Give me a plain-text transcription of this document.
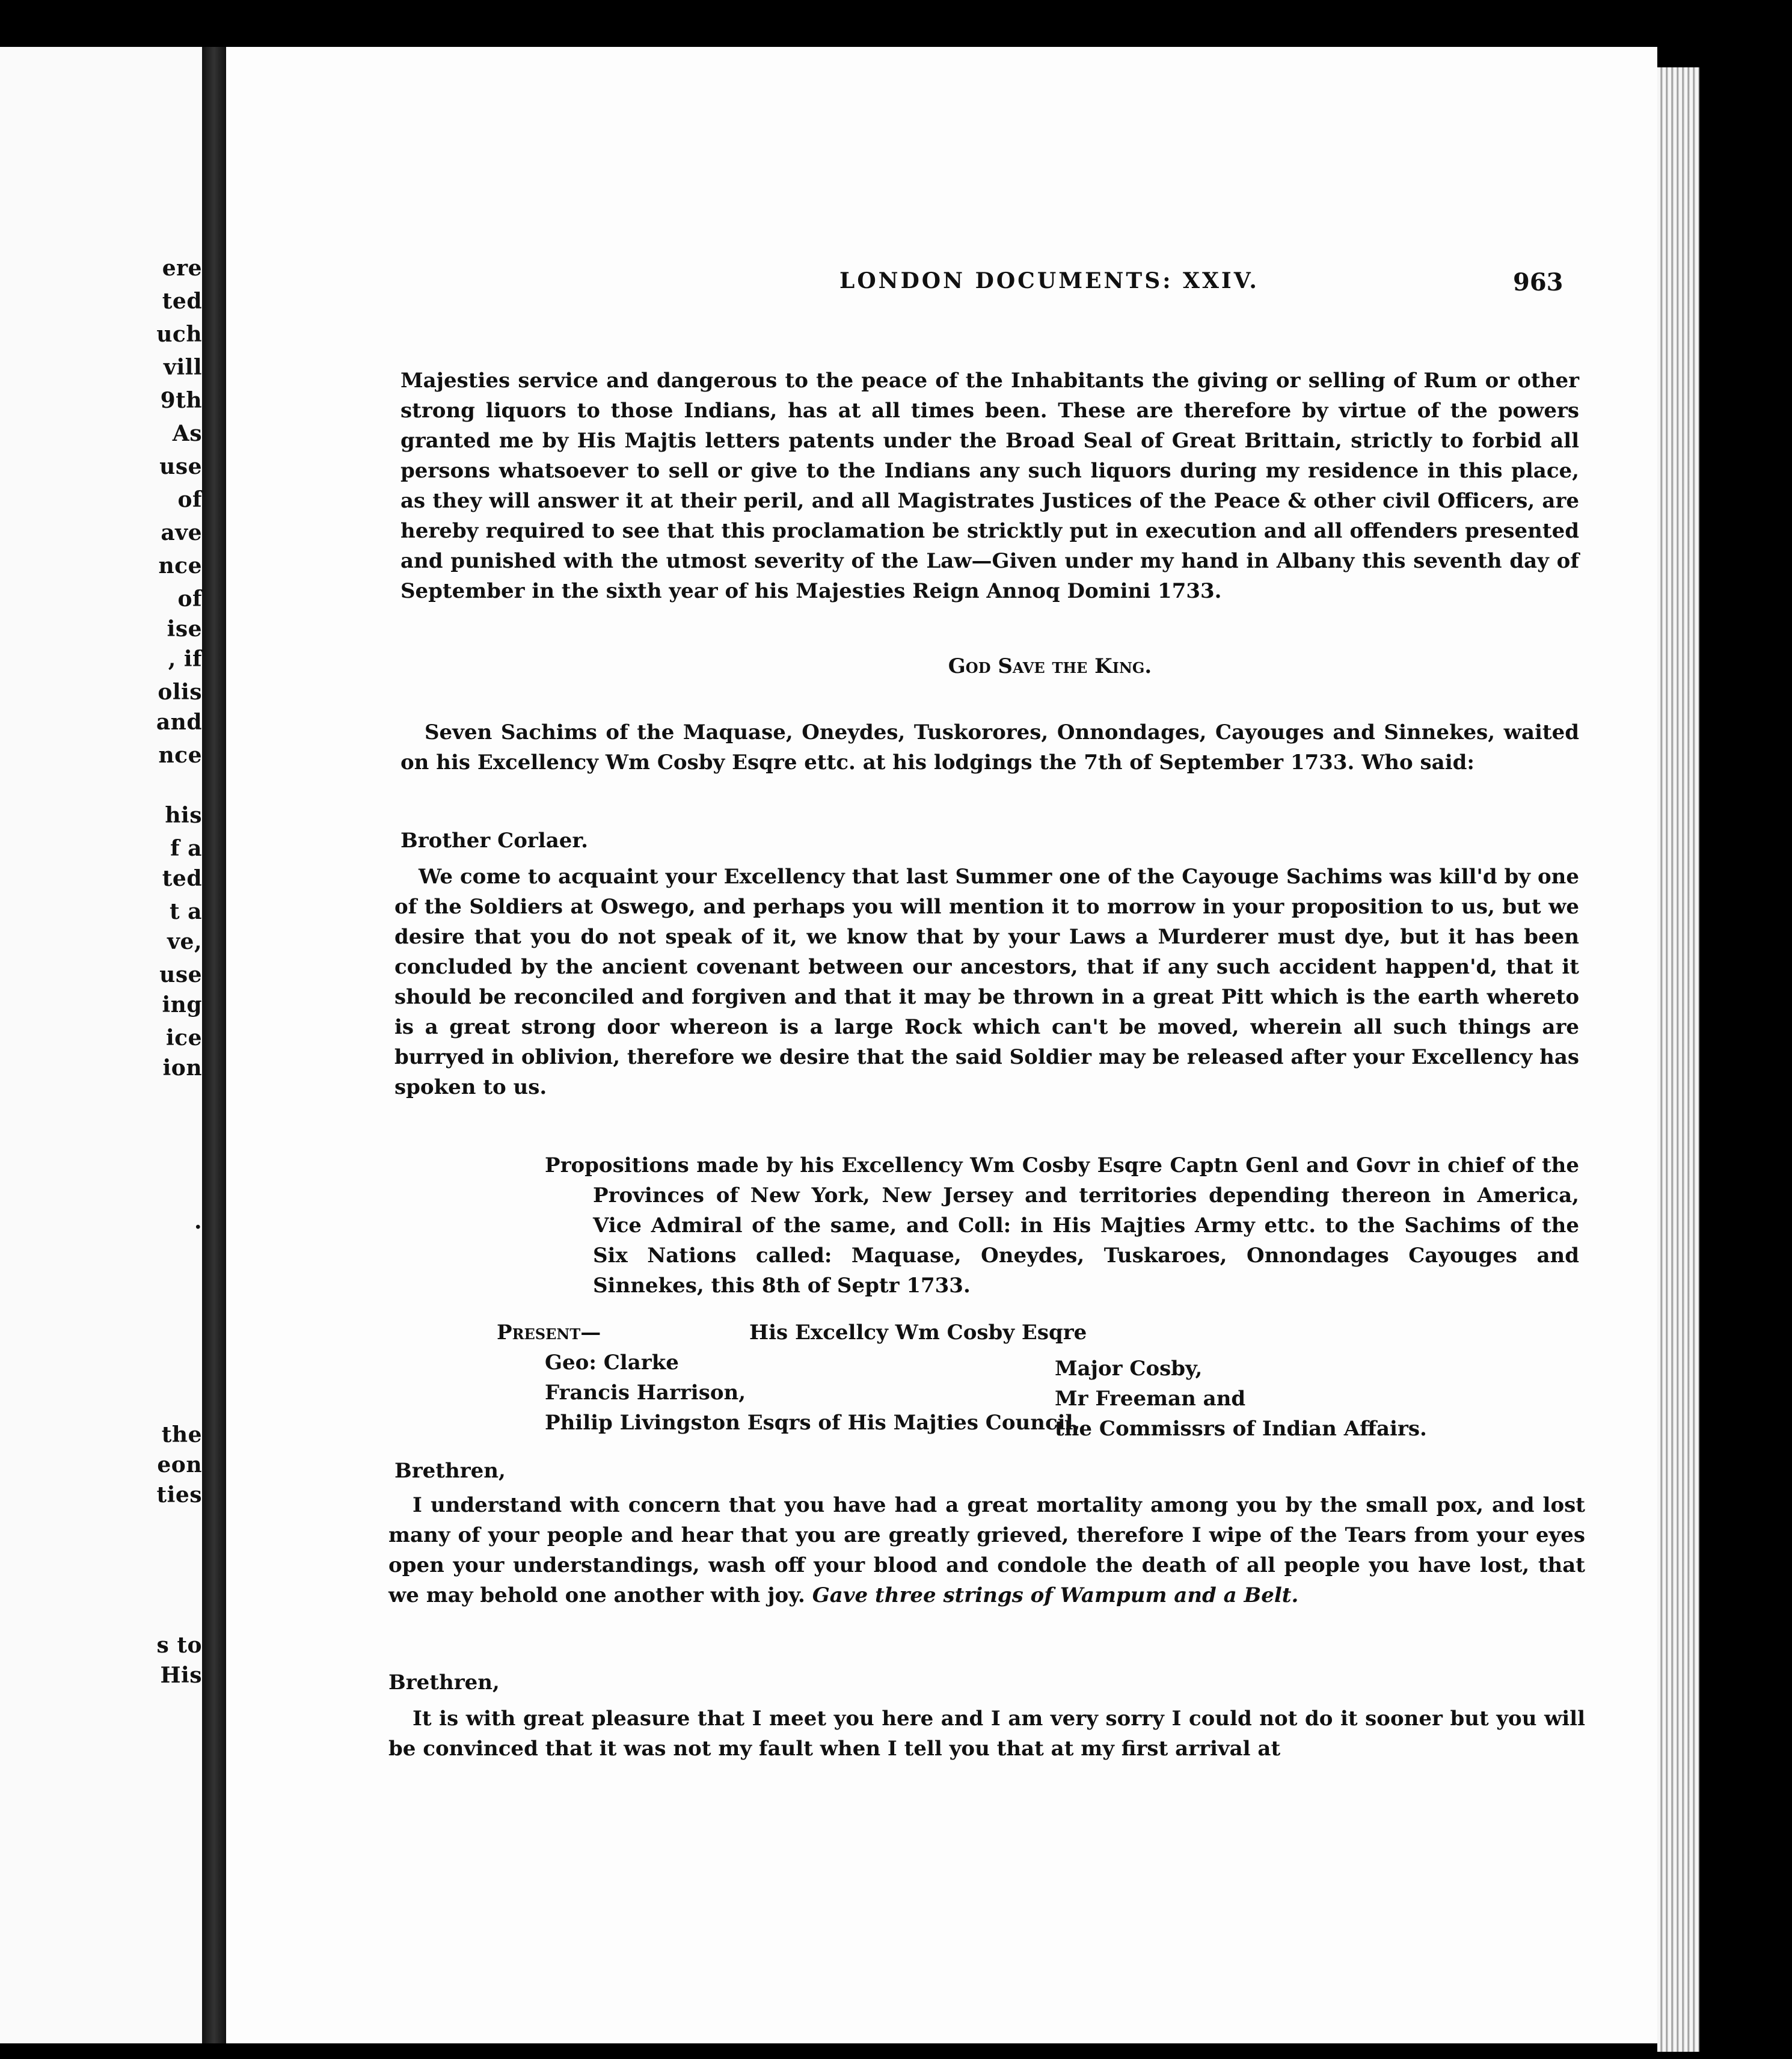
ere
ted
uch
vill
9th
As
use
of
ave
nce
of
ise
, if
olis
and
nce
his
f a
ted
t a
ve,
use
ing
ice
ion
.
the
eon
ties
s to
His
LONDON DOCUMENTS: XXIV.	963

Majesties service and dangerous to the peace of the Inhabitants the giving or selling of Rum or other strong liquors to those Indians, has at all times been. These are therefore by virtue of the powers granted me by His Majtis letters patents under the Broad Seal of Great Brittain, strictly to forbid all persons whatsoever to sell or give to the Indians any such liquors during my residence in this place, as they will answer it at their peril, and all Magistrates Justices of the Peace & other civil Officers, are hereby required to see that this proclamation be stricktly put in execution and all offenders presented and punished with the utmost severity of the Law—Given under my hand in Albany this seventh day of September in the sixth year of his Majesties Reign Annoq Domini 1733.

God Save the King.

Seven Sachims of the Maquase, Oneydes, Tuskorores, Onnondages, Cayouges and Sinnekes, waited on his Excellency Wm Cosby Esqre ettc. at his lodgings the 7th of September 1733. Who said:

Brother Corlaer.

We come to acquaint your Excellency that last Summer one of the Cayouge Sachims was kill'd by one of the Soldiers at Oswego, and perhaps you will mention it to morrow in your proposition to us, but we desire that you do not speak of it, we know that by your Laws a Murderer must dye, but it has been concluded by the ancient covenant between our ancestors, that if any such accident happen'd, that it should be reconciled and forgiven and that it may be thrown in a great Pitt which is the earth whereto is a great strong door whereon is a large Rock which can't be moved, wherein all such things are burryed in oblivion, therefore we desire that the said Soldier may be released after your Excellency has spoken to us.

Propositions made by his Excellency Wm Cosby Esqre Captn Genl and Govr in chief of the Provinces of New York, New Jersey and territories depending thereon in America, Vice Admiral of the same, and Coll: in His Majties Army ettc. to the Sachims of the Six Nations called: Maquase, Oneydes, Tuskaroes, Onnondages Cayouges and Sinnekes, this 8th of Septr 1733.

Present—	His Excellcy Wm Cosby Esqre

Geo: Clarke

Francis Harrison,

Philip Livingston Esqrs of His Majties Council,

Major Cosby,

Mr Freeman and

the Commissrs of Indian Affairs.

Brethren,

I understand with concern that you have had a great mortality among you by the small pox, and lost many of your people and hear that you are greatly grieved, therefore I wipe of the Tears from your eyes open your understandings, wash off your blood and condole the death of all people you have lost, that we may behold one another with joy. Gave three strings of Wampum and a Belt.

Brethren,

It is with great pleasure that I meet you here and I am very sorry I could not do it sooner but you will be convinced that it was not my fault when I tell you that at my first arrival at
